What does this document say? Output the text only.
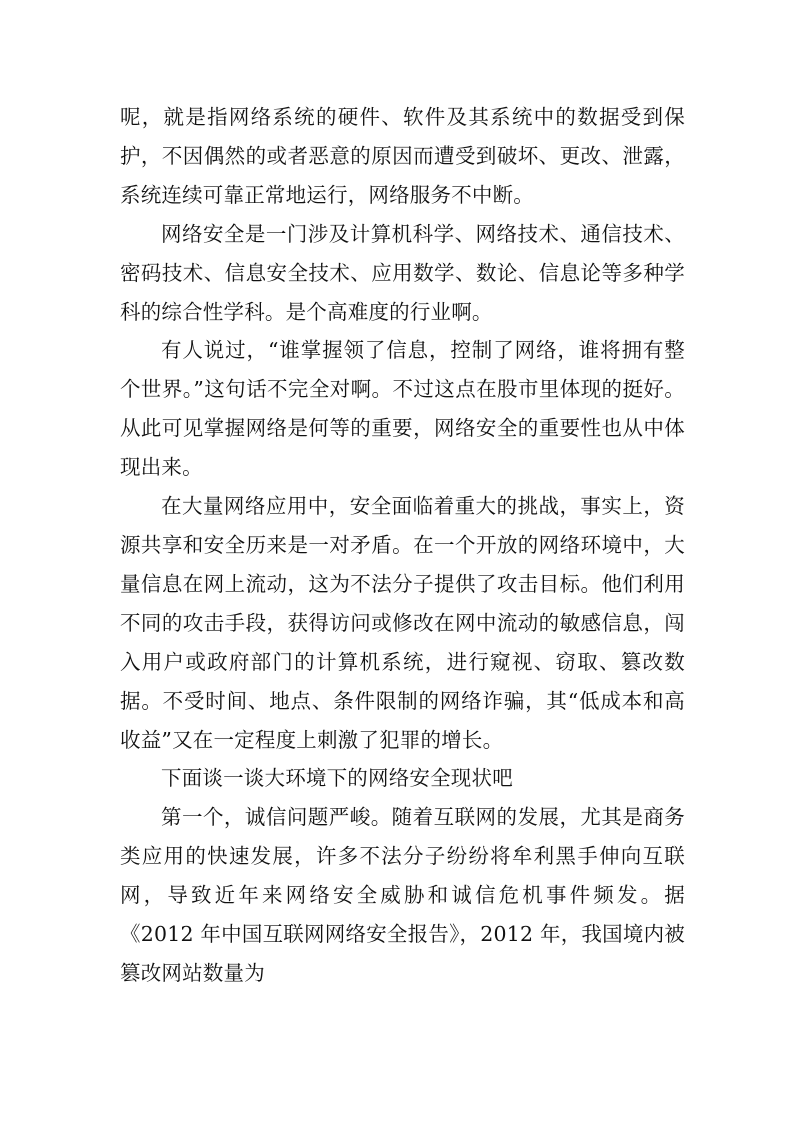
呢，就是指网络系统的硬件、软件及其系统中的数据受到保护，不因偶然的或者恶意的原因而遭受到破坏、更改、泄露，系统连续可靠正常地运行，网络服务不中断。

网络安全是一门涉及计算机科学、网络技术、通信技术、密码技术、信息安全技术、应用数学、数论、信息论等多种学科的综合性学科。是个高难度的行业啊。

有人说过，“谁掌握领了信息，控制了网络，谁将拥有整个世界。”这句话不完全对啊。不过这点在股市里体现的挺好。从此可见掌握网络是何等的重要，网络安全的重要性也从中体现出来。

在大量网络应用中，安全面临着重大的挑战，事实上，资源共享和安全历来是一对矛盾。在一个开放的网络环境中，大量信息在网上流动，这为不法分子提供了攻击目标。他们利用不同的攻击手段，获得访问或修改在网中流动的敏感信息，闯入用户或政府部门的计算机系统，进行窥视、窃取、篡改数据。不受时间、地点、条件限制的网络诈骗，其“低成本和高收益”又在一定程度上刺激了犯罪的增长。

下面谈一谈大环境下的网络安全现状吧

第一个，诚信问题严峻。随着互联网的发展，尤其是商务类应用的快速发展，许多不法分子纷纷将牟利黑手伸向互联网，导致近年来网络安全威胁和诚信危机事件频发。据《2012 年中国互联网网络安全报告》，2012 年，我国境内被篡改网站数量为
